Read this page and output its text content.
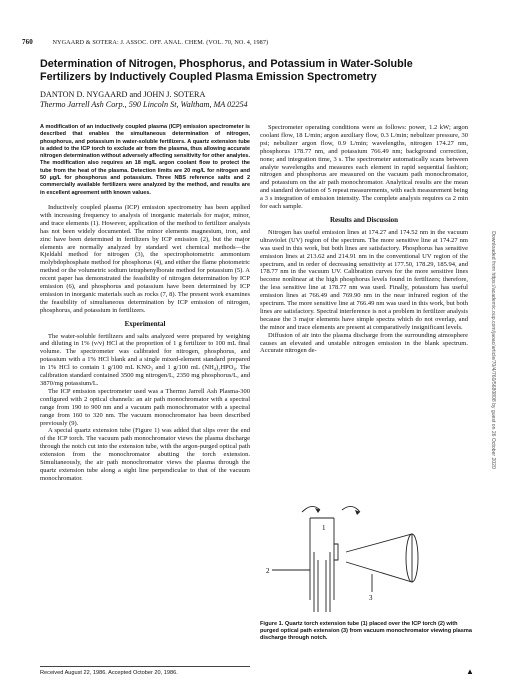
760	NYGAARD & SOTERA: J. ASSOC. OFF. ANAL. CHEM. (VOL. 70, NO. 4, 1987)
Determination of Nitrogen, Phosphorus, and Potassium in Water-Soluble Fertilizers by Inductively Coupled Plasma Emission Spectrometry
DANTON D. NYGAARD and JOHN J. SOTERA
Thermo Jarrell Ash Corp., 590 Lincoln St, Waltham, MA 02254
A modification of an inductively coupled plasma (ICP) emission spectrometer is described that enables the simultaneous determination of nitrogen, phosphorus, and potassium in water-soluble fertilizers. A quartz extension tube is added to the ICP torch to exclude air from the plasma, thus allowing accurate nitrogen determination without adversely affecting sensitivity for other analytes. The modification also requires an 18 mg/L argon coolant flow to protect the tube from the heat of the plasma. Detection limits are 20 mg/L for nitrogen and 50 µg/L for phosphorus and potassium. Three NBS reference salts and 2 commercially available fertilizers were analyzed by the method, and results are in excellent agreement with known values.

Inductively coupled plasma (ICP) emission spectrometry has been applied with increasing frequency to analysis of inorganic materials for major, minor, and trace elements (1). However, application of the method to fertilizer analysis has not been widely documented. The minor elements magnesium, iron, and zinc have been determined in fertilizers by ICP emission (2), but the major elements are normally analyzed by standard wet chemical methods—the Kjeldahl method for nitrogen (3), the spectrophotometric ammonium molybdophosphate method for phosphorus (4), and either the flame photometric method or the volumetric sodium tetraphenylborate method for potassium (5). A recent paper has demonstrated the feasibility of nitrogen determination by ICP emission (6), and phosphorus and potassium have been determined by ICP emission in inorganic materials such as rocks (7, 8). The present work examines the feasibility of simultaneous determination by ICP emission of nitrogen, phosphorus, and potassium in fertilizers.

Experimental

The water-soluble fertilizers and salts analyzed were prepared by weighing and diluting in 1% (v/v) HCl at the proportion of 1 g fertilizer to 100 mL final volume. The spectrometer was calibrated for nitrogen, phosphorus, and potassium with a 1% HCl blank and a single mixed-element standard prepared in 1% HCl to contain 1 g/100 mL KNO₃ and 1 g/100 mL (NH₄)₂HPO₄. The calibration standard contained 3500 mg nitrogen/L, 2350 mg phosphorus/L, and 3870/mg potassium/L.

The ICP emission spectrometer used was a Thermo Jarrell Ash Plasma-300 configured with 2 optical channels: an air path monochromator with a spectral range from 190 to 900 nm and a vacuum path monochromator with a spectral range from 160 to 320 nm. The vacuum monochromator has been described previously (9).

A special quartz extension tube (Figure 1) was added that slips over the end of the ICP torch. The vacuum path monochromator views the plasma discharge through the notch cut into the extension tube, with the argon-purged optical path extension from the monochromator abutting the torch extension. Simultaneously, the air path monochromator views the plasma through the quartz extension tube along a sight line perpendicular to that of the vacuum monochromator.

Received August 22, 1986. Accepted October 20, 1986.

Spectrometer operating conditions were as follows: power, 1.2 kW; argon coolant flow, 18 L/min; argon auxiliary flow, 0.3 L/min; nebulizer pressure, 30 psi; nebulizer argon flow, 0.9 L/min; wavelengths, nitrogen 174.27 nm, phosphorus 178.77 nm, and potassium 766.49 nm; background correction, none; and integration time, 3 s. The spectrometer automatically scans between analyte wavelengths and measures each element in rapid sequential fashion; nitrogen and phosphorus are measured on the vacuum path monochromator, and potassium on the air path monochromator. Analytical results are the mean and standard deviation of 5 repeat measurements, with each measurement being a 3 s integration of emission intensity. The complete analysis requires ca 2 min for each sample.

Results and Discussion

Nitrogen has useful emission lines at 174.27 and 174.52 nm in the vacuum ultraviolet (UV) region of the spectrum. The more sensitive line at 174.27 nm was used in this work, but both lines are satisfactory. Phosphorus has sensitive emission lines at 213.62 and 214.91 nm in the conventional UV region of the spectrum, and in order of decreasing sensitivity at 177.50, 178.29, 185.94, and 178.77 nm in the vacuum UV. Calibration curves for the more sensitive lines become nonlinear at the high phosphorus levels found in fertilizers; therefore, the less sensitive line at 178.77 nm was used. Finally, potassium has useful emission lines at 766.49 and 769.90 nm in the near infrared region of the spectrum. The more sensitive line at 766.49 nm was used in this work, but both lines are satisfactory. Spectral interference is not a problem in fertilizer analysis because the 3 major elements have simple spectra which do not overlap, and the minor and trace elements are present at comparatively insignificant levels.

Diffusion of air into the plasma discharge from the surrounding atmosphere causes an elevated and unstable nitrogen emission in the blank spectrum. Accurate nitrogen de-

1
2
3
Figure 1. Quartz torch extension tube (1) placed over the ICP torch (2) with purged optical path extension (3) from vacuum monochromator viewing plasma discharge through notch.
Downloaded from https://academic.oup.com/jaoac/article/70/4/760/5680808 by guest on 26 October 2020
▲
